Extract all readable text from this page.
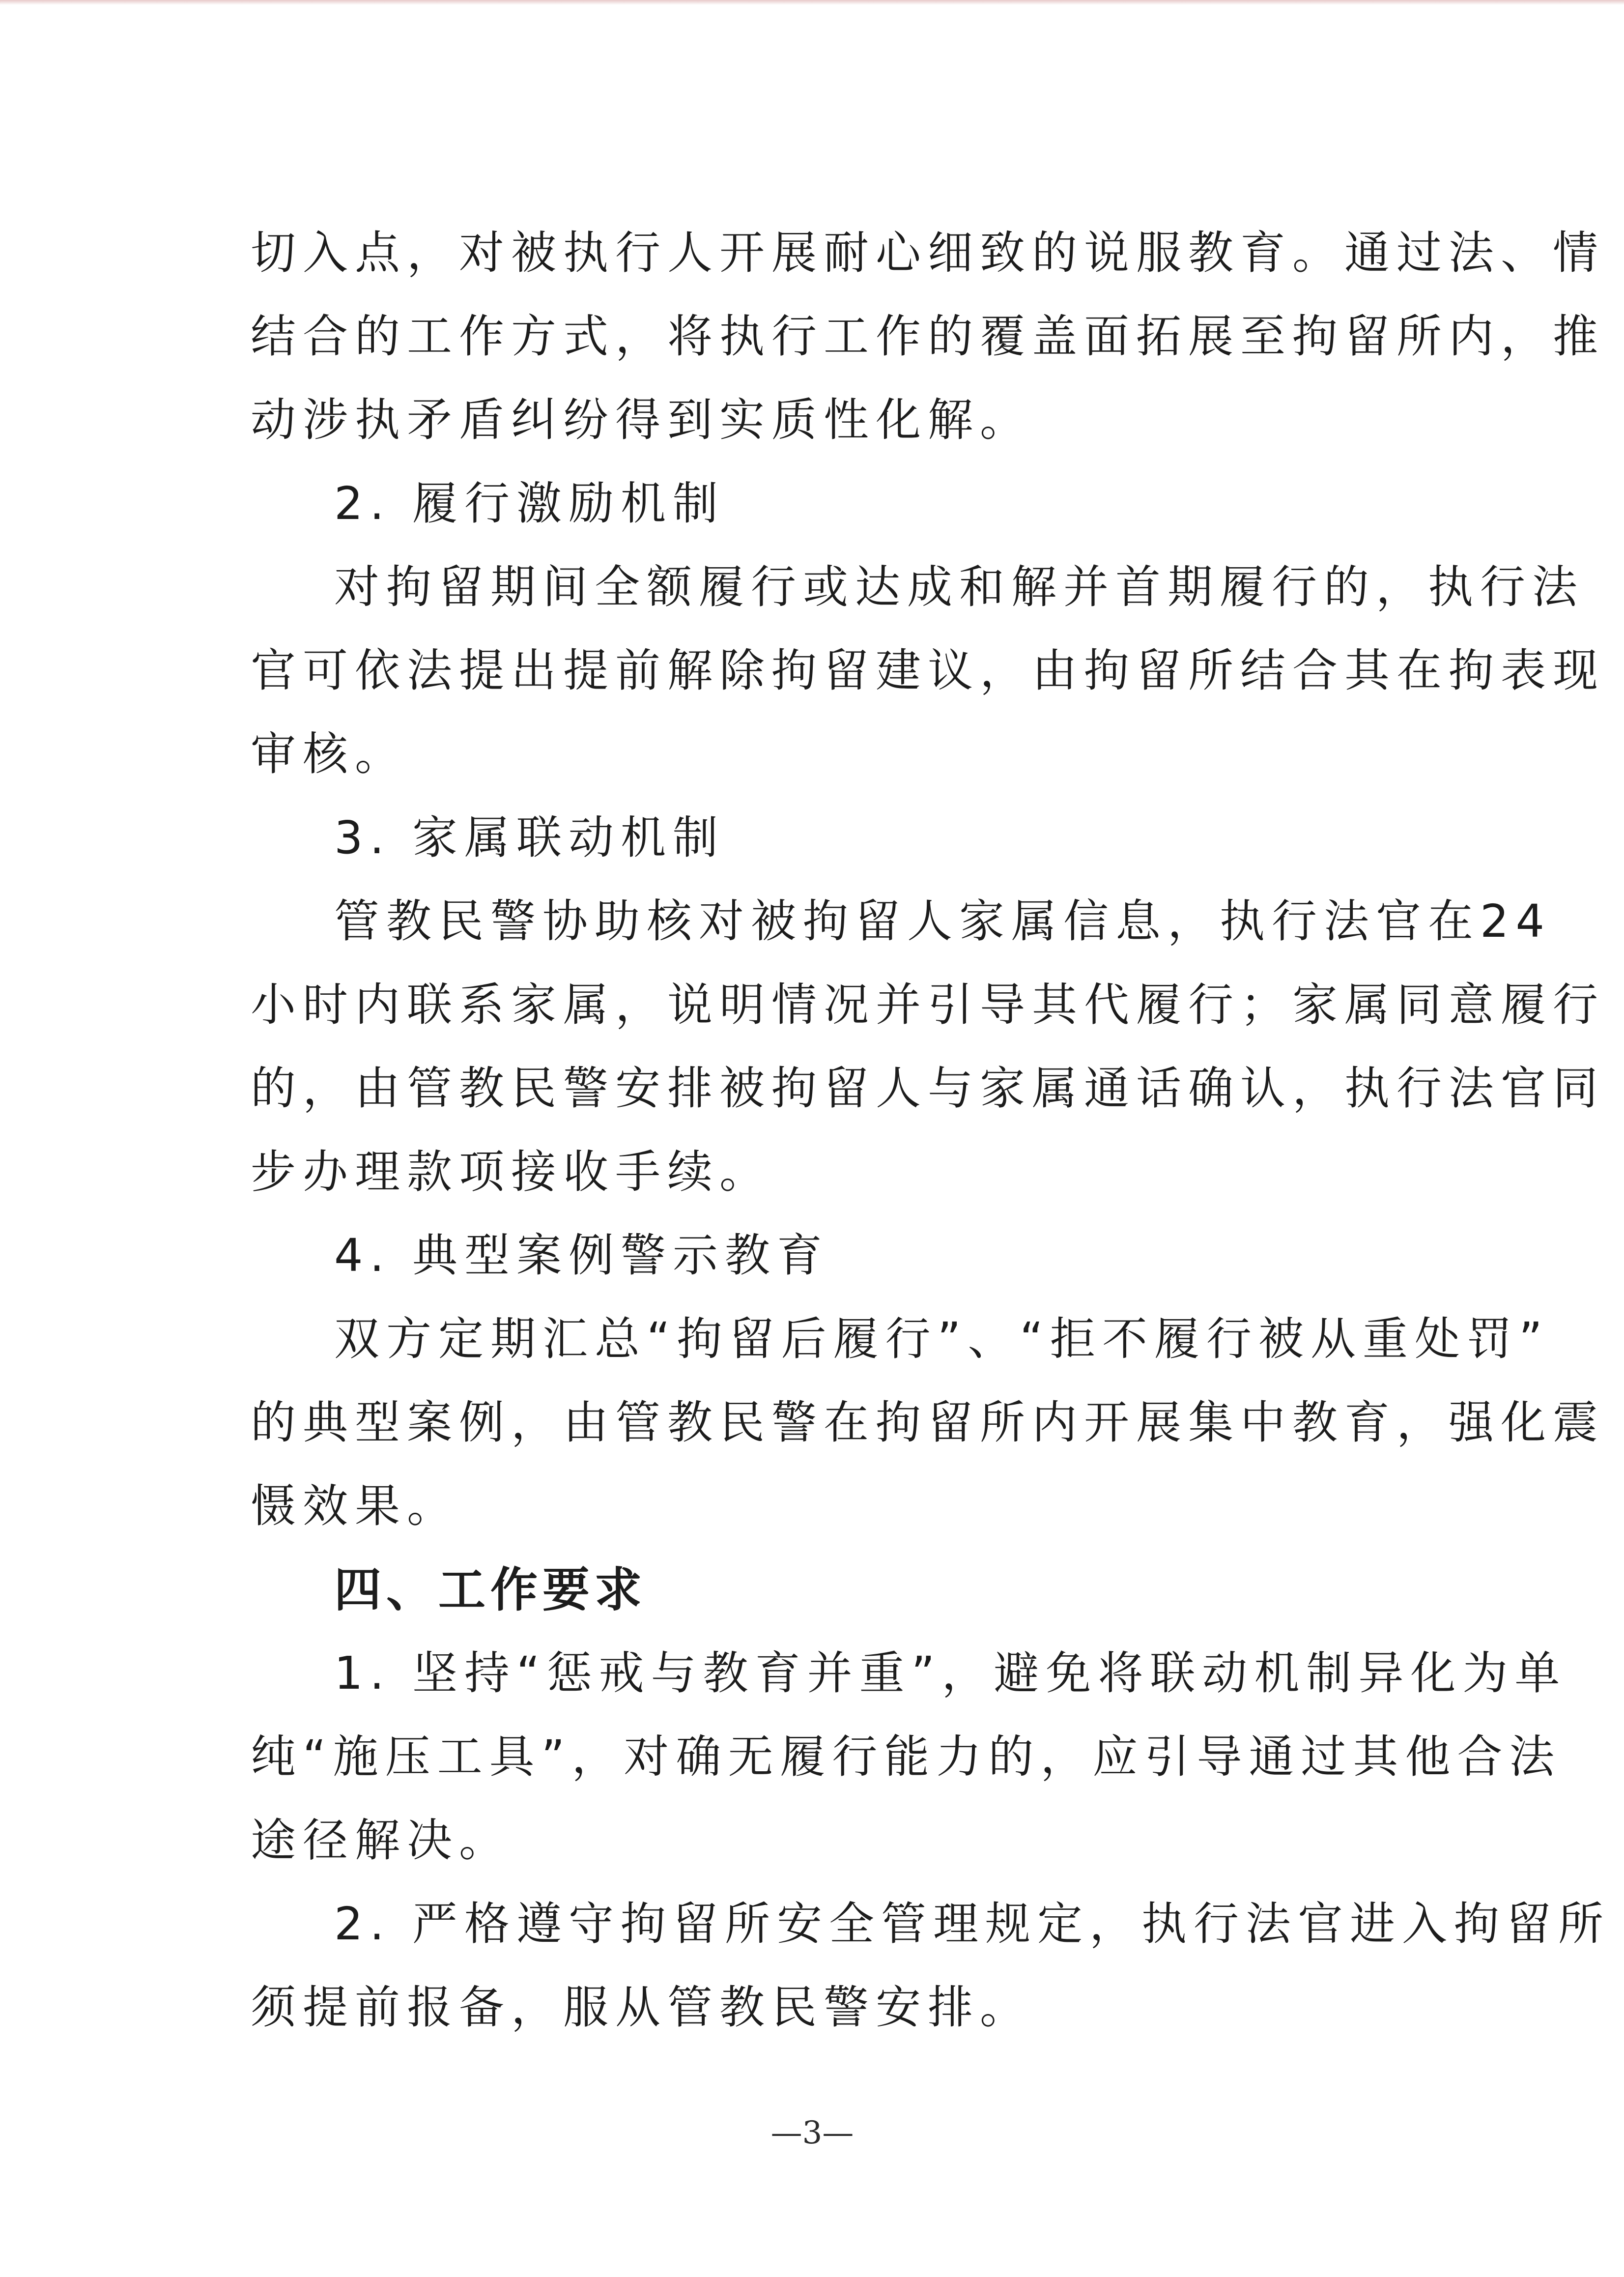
切入点，对被执行人开展耐心细致的说服教育。通过法、情
结合的工作方式，将执行工作的覆盖面拓展至拘留所内，推
动涉执矛盾纠纷得到实质性化解。
2. 履行激励机制
对拘留期间全额履行或达成和解并首期履行的，执行法
官可依法提出提前解除拘留建议，由拘留所结合其在拘表现
审核。
3. 家属联动机制
管教民警协助核对被拘留人家属信息，执行法官在24
小时内联系家属，说明情况并引导其代履行；家属同意履行
的，由管教民警安排被拘留人与家属通话确认，执行法官同
步办理款项接收手续。
4. 典型案例警示教育
双方定期汇总“拘留后履行”、“拒不履行被从重处罚”
的典型案例，由管教民警在拘留所内开展集中教育，强化震
慑效果。
四、工作要求
1. 坚持“惩戒与教育并重”，避免将联动机制异化为单
纯“施压工具”，对确无履行能力的，应引导通过其他合法
途径解决。
2. 严格遵守拘留所安全管理规定，执行法官进入拘留所
须提前报备，服从管教民警安排。
—3—
